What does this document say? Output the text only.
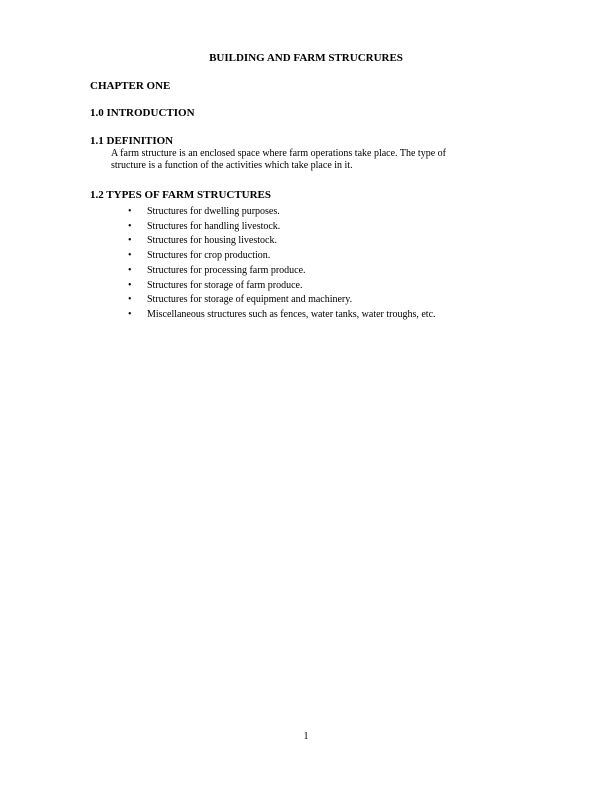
BUILDING AND FARM STRUCRURES
CHAPTER ONE
1.0 INTRODUCTION
1.1 DEFINITION
A farm structure is an enclosed space where farm operations take place. The type of
structure is a function of the activities which take place in it.
1.2 TYPES OF FARM STRUCTURES
• Structures for dwelling purposes.
• Structures for handling livestock.
• Structures for housing livestock.
• Structures for crop production.
• Structures for processing farm produce.
• Structures for storage of farm produce.
• Structures for storage of equipment and machinery.
• Miscellaneous structures such as fences, water tanks, water troughs, etc.
1
